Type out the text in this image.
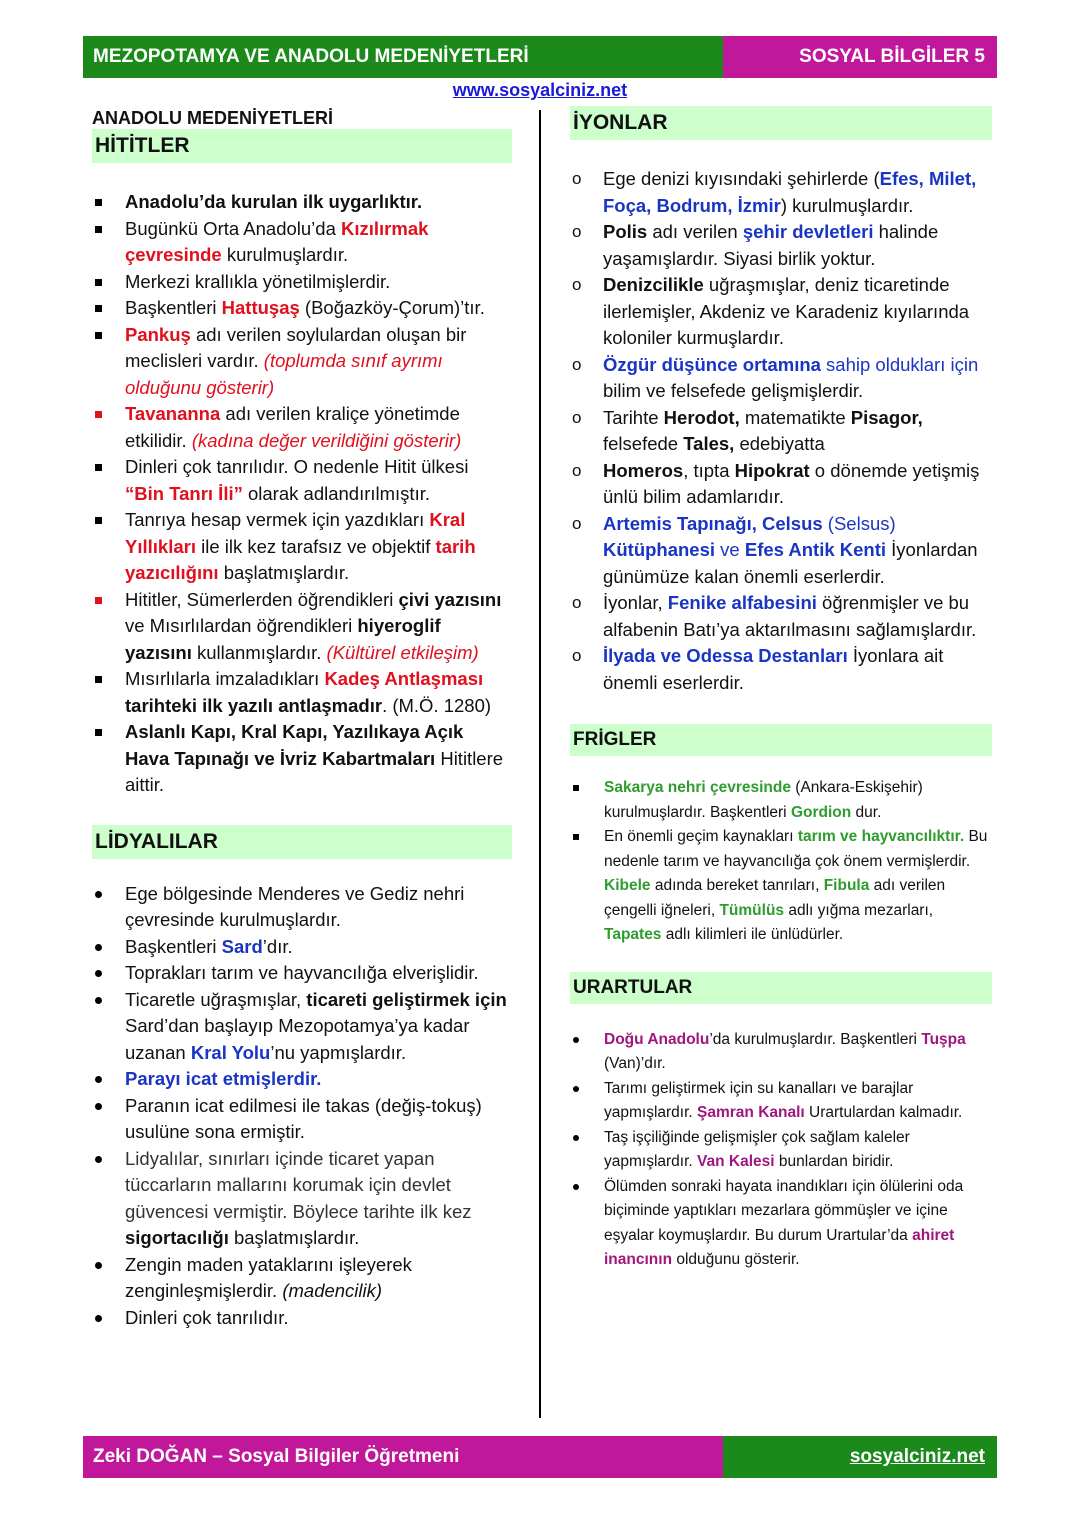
MEZOPOTAMYA VE ANADOLU MEDENİYETLERİ	SOSYAL BİLGİLER 5
www.sosyalciniz.net
ANADOLU MEDENİYETLERİ
HİTİTLER
Anadolu’da kurulan ilk uygarlıktır.
Bugünkü Orta Anadolu’da Kızılırmak çevresinde kurulmuşlardır.
Merkezi krallıkla yönetilmişlerdir.
Başkentleri Hattuşaş (Boğazköy-Çorum)’tır.
Pankuş adı verilen soylulardan oluşan bir meclisleri vardır. (toplumda sınıf ayrımı olduğunu gösterir)
Tavananna adı verilen kraliçe yönetimde etkilidir. (kadına değer verildiğini gösterir)
Dinleri çok tanrılıdır. O nedenle Hitit ülkesi “Bin Tanrı İli” olarak adlandırılmıştır.
Tanrıya hesap vermek için yazdıkları Kral Yıllıkları ile ilk kez tarafsız ve objektif tarih yazıcılığını başlatmışlardır.
Hititler, Sümerlerden öğrendikleri çivi yazısını ve Mısırlılardan öğrendikleri hiyeroglif yazısını kullanmışlardır. (Kültürel etkileşim)
Mısırlılarla imzaladıkları Kadeş Antlaşması tarihteki ilk yazılı antlaşmadır. (M.Ö. 1280)
Aslanlı Kapı, Kral Kapı, Yazılıkaya Açık Hava Tapınağı ve İvriz Kabartmaları Hititlere aittir.
LİDYALILAR
Ege bölgesinde Menderes ve Gediz nehri çevresinde kurulmuşlardır.
Başkentleri Sard’dır.
Toprakları tarım ve hayvancılığa elverişlidir.
Ticaretle uğraşmışlar, ticareti geliştirmek için Sard’dan başlayıp Mezopotamya’ya kadar uzanan Kral Yolu’nu yapmışlardır.
Parayı icat etmişlerdir.
Paranın icat edilmesi ile takas (değiş-tokuş) usulüne sona ermiştir.
Lidyalılar, sınırları içinde ticaret yapan tüccarların mallarını korumak için devlet güvencesi vermiştir. Böylece tarihte ilk kez sigortacılığı başlatmışlardır.
Zengin maden yataklarını işleyerek zenginleşmişlerdir. (madencilik)
Dinleri çok tanrılıdır.
İYONLAR
o Ege denizi kıyısındaki şehirlerde (Efes, Milet, Foça, Bodrum, İzmir) kurulmuşlardır.
o Polis adı verilen şehir devletleri halinde yaşamışlardır. Siyasi birlik yoktur.
o Denizcilikle uğraşmışlar, deniz ticaretinde ilerlemişler, Akdeniz ve Karadeniz kıyılarında koloniler kurmuşlardır.
o Özgür düşünce ortamına sahip oldukları için bilim ve felsefede gelişmişlerdir.
o Tarihte Herodot, matematikte Pisagor, felsefede Tales, edebiyatta
o Homeros, tıpta Hipokrat o dönemde yetişmiş ünlü bilim adamlarıdır.
o Artemis Tapınağı, Celsus (Selsus) Kütüphanesi ve Efes Antik Kenti İyonlardan günümüze kalan önemli eserlerdir.
o İyonlar, Fenike alfabesini öğrenmişler ve bu alfabenin Batı’ya aktarılmasını sağlamışlardır.
o İlyada ve Odessa Destanları İyonlara ait önemli eserlerdir.
FRİGLER
Sakarya nehri çevresinde (Ankara-Eskişehir) kurulmuşlardır. Başkentleri Gordion dur.
En önemli geçim kaynakları tarım ve hayvancılıktır. Bu nedenle tarım ve hayvancılığa çok önem vermişlerdir. Kibele adında bereket tanrıları, Fibula adı verilen çengelli iğneleri, Tümülüs adlı yığma mezarları, Tapates adlı kilimleri ile ünlüdürler.
URARTULAR
Doğu Anadolu’da kurulmuşlardır. Başkentleri Tuşpa (Van)’dır.
Tarımı geliştirmek için su kanalları ve barajlar yapmışlardır. Şamran Kanalı Urartulardan kalmadır.
Taş işçiliğinde gelişmişler çok sağlam kaleler yapmışlardır. Van Kalesi bunlardan biridir.
Ölümden sonraki hayata inandıkları için ölülerini oda biçiminde yaptıkları mezarlara gömmüşler ve içine eşyalar koymuşlardır. Bu durum Urartular’da ahiret inancının olduğunu gösterir.
Zeki DOĞAN – Sosyal Bilgiler Öğretmeni	sosyalciniz.net
